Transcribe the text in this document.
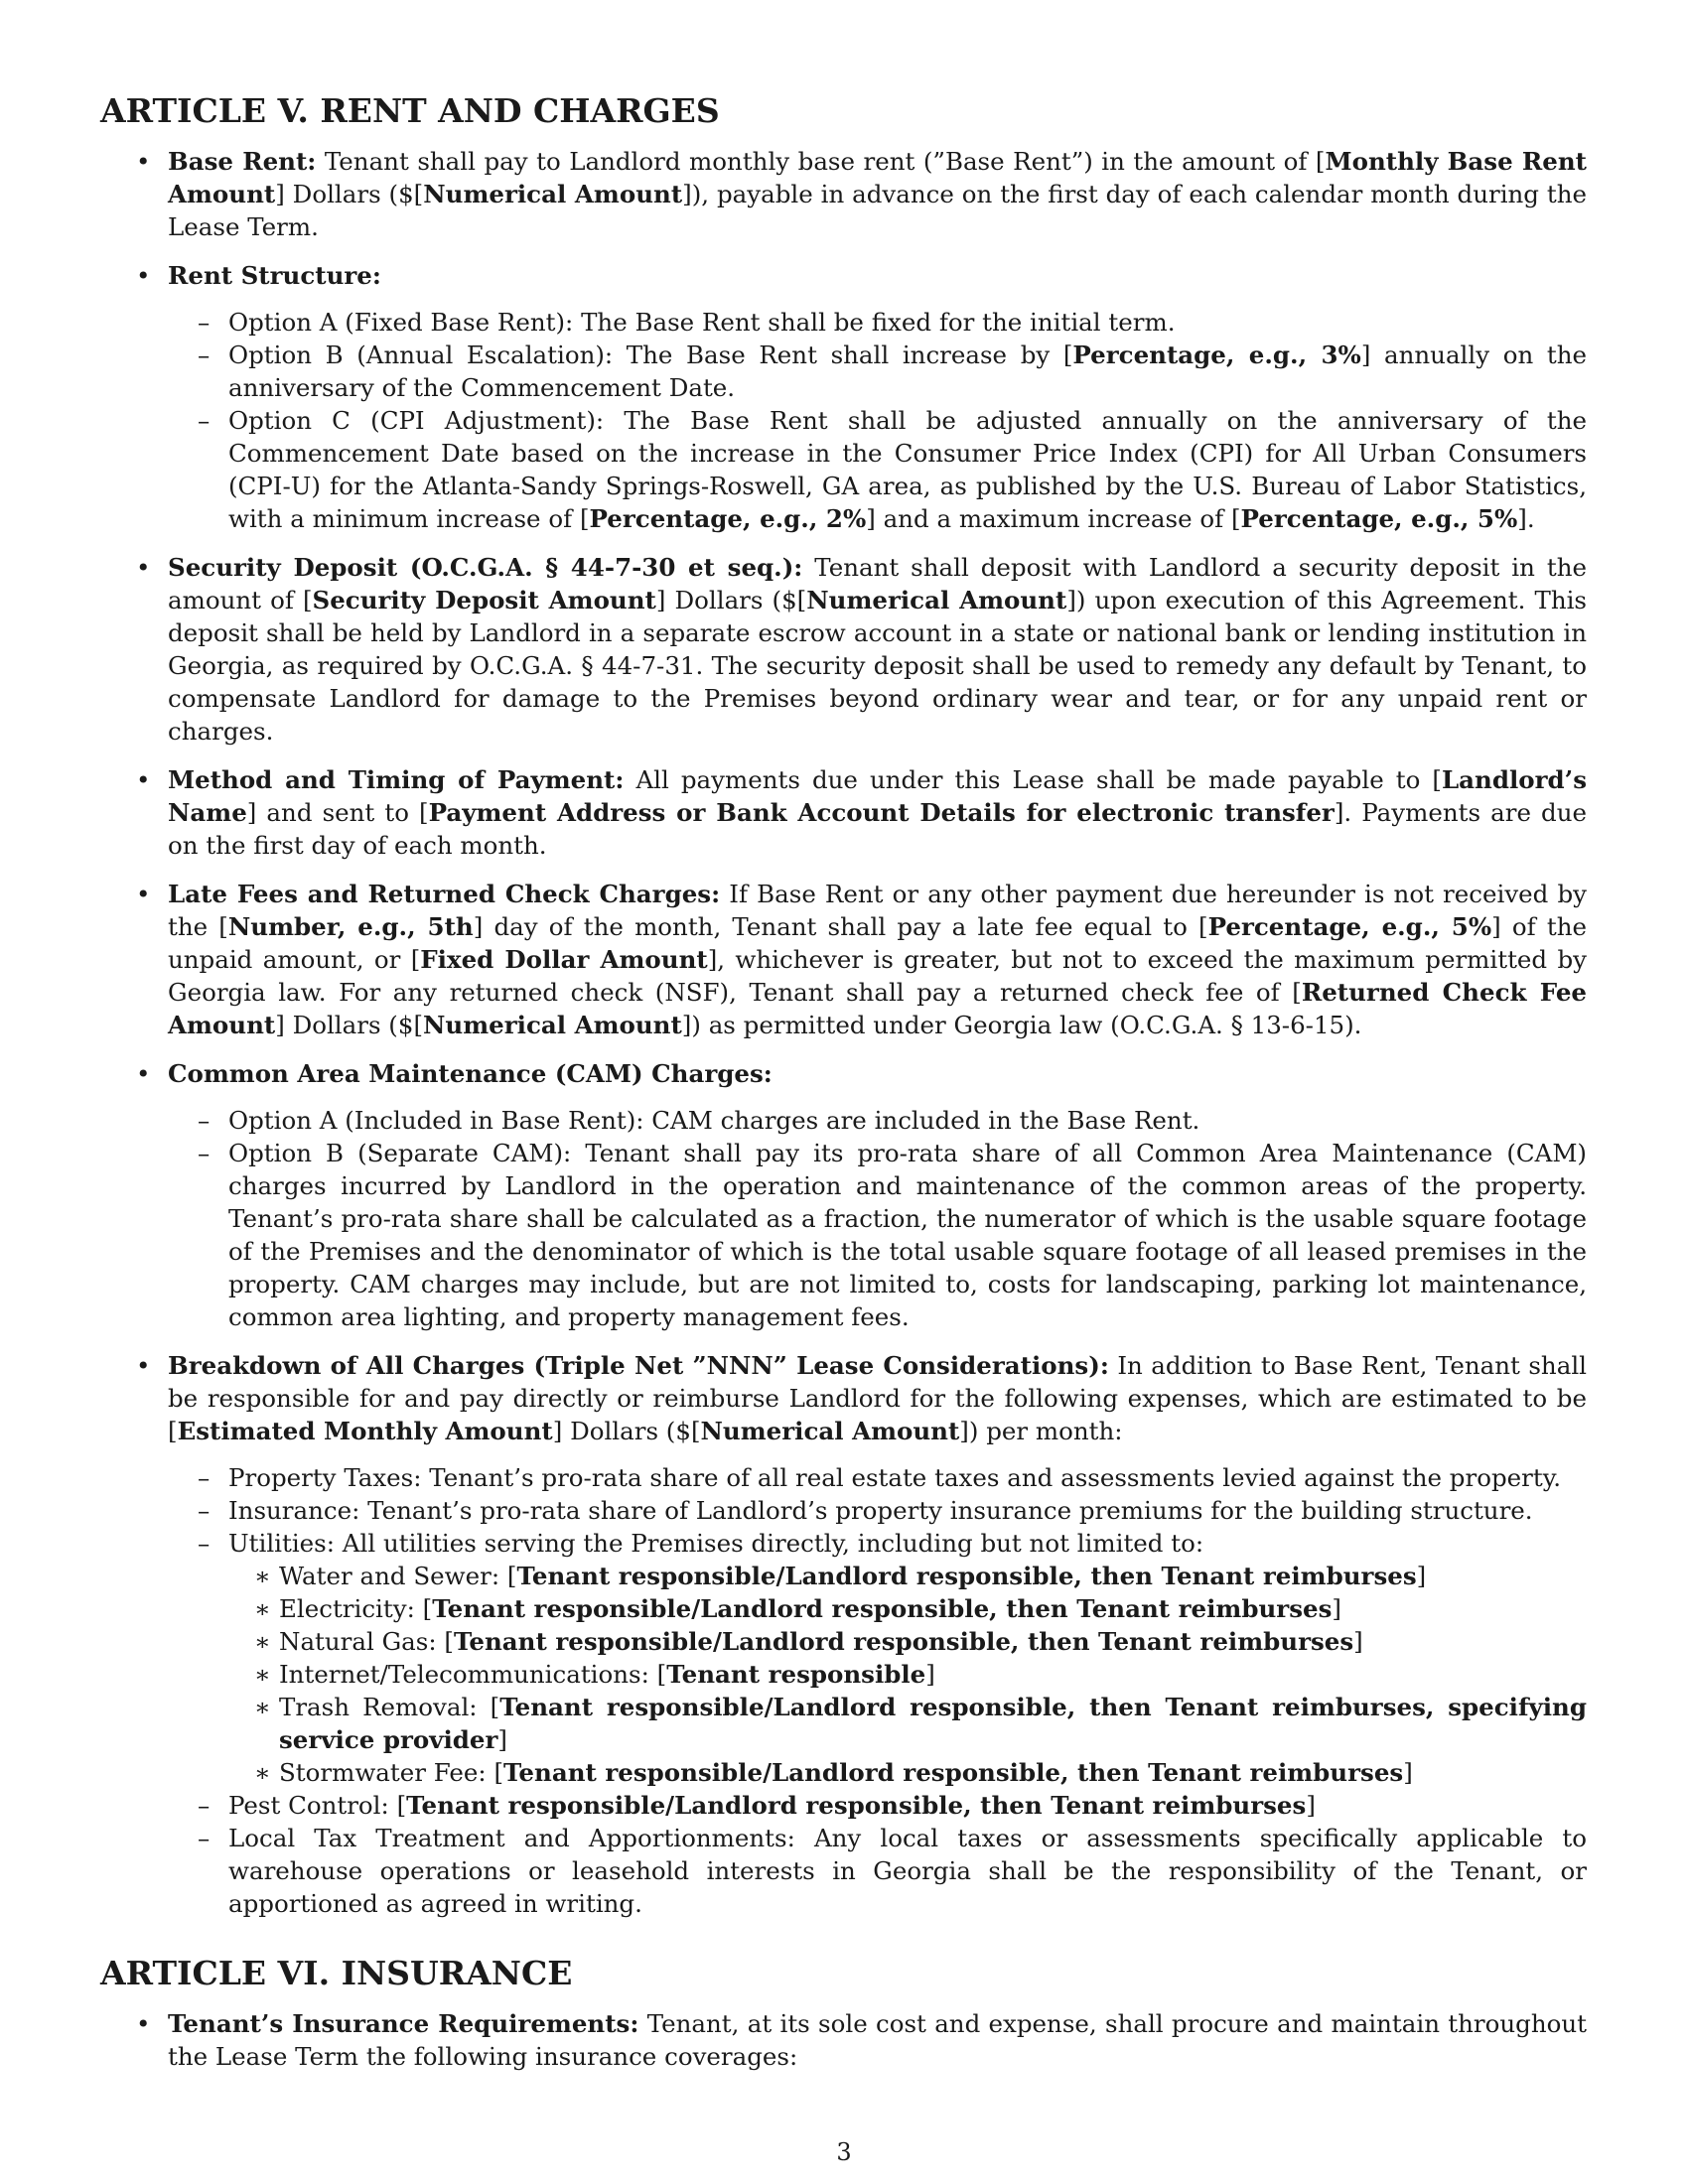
ARTICLE V. RENT AND CHARGES
• Base Rent: Tenant shall pay to Landlord monthly base rent (”Base Rent”) in the amount of [Monthly Base Rent Amount] Dollars ($[Numerical Amount]), payable in advance on the first day of each calendar month during the Lease Term.
• Rent Structure:
– Option A (Fixed Base Rent): The Base Rent shall be fixed for the initial term.
– Option B (Annual Escalation): The Base Rent shall increase by [Percentage, e.g., 3%] annually on the anniversary of the Commencement Date.
– Option C (CPI Adjustment): The Base Rent shall be adjusted annually on the anniversary of the Commencement Date based on the increase in the Consumer Price Index (CPI) for All Urban Consumers (CPI-U) for the Atlanta-Sandy Springs-Roswell, GA area, as published by the U.S. Bureau of Labor Statistics, with a minimum increase of [Percentage, e.g., 2%] and a maximum increase of [Percentage, e.g., 5%].
• Security Deposit (O.C.G.A. § 44-7-30 et seq.): Tenant shall deposit with Landlord a security deposit in the amount of [Security Deposit Amount] Dollars ($[Numerical Amount]) upon execution of this Agreement. This deposit shall be held by Landlord in a separate escrow account in a state or national bank or lending institution in Georgia, as required by O.C.G.A. § 44-7-31. The security deposit shall be used to remedy any default by Tenant, to compensate Landlord for damage to the Premises beyond ordinary wear and tear, or for any unpaid rent or charges.
• Method and Timing of Payment: All payments due under this Lease shall be made payable to [Landlord’s Name] and sent to [Payment Address or Bank Account Details for electronic transfer]. Payments are due on the first day of each month.
• Late Fees and Returned Check Charges: If Base Rent or any other payment due hereunder is not received by the [Number, e.g., 5th] day of the month, Tenant shall pay a late fee equal to [Percentage, e.g., 5%] of the unpaid amount, or [Fixed Dollar Amount], whichever is greater, but not to exceed the maximum permitted by Georgia law. For any returned check (NSF), Tenant shall pay a returned check fee of [Returned Check Fee Amount] Dollars ($[Numerical Amount]) as permitted under Georgia law (O.C.G.A. § 13-6-15).
• Common Area Maintenance (CAM) Charges:
– Option A (Included in Base Rent): CAM charges are included in the Base Rent.
– Option B (Separate CAM): Tenant shall pay its pro-rata share of all Common Area Maintenance (CAM) charges incurred by Landlord in the operation and maintenance of the common areas of the property. Tenant’s pro-rata share shall be calculated as a fraction, the numerator of which is the usable square footage of the Premises and the denominator of which is the total usable square footage of all leased premises in the property. CAM charges may include, but are not limited to, costs for landscaping, parking lot maintenance, common area lighting, and property management fees.
• Breakdown of All Charges (Triple Net ”NNN” Lease Considerations): In addition to Base Rent, Tenant shall be responsible for and pay directly or reimburse Landlord for the following expenses, which are estimated to be [Estimated Monthly Amount] Dollars ($[Numerical Amount]) per month:
– Property Taxes: Tenant’s pro-rata share of all real estate taxes and assessments levied against the property.
– Insurance: Tenant’s pro-rata share of Landlord’s property insurance premiums for the building structure.
– Utilities: All utilities serving the Premises directly, including but not limited to:
∗ Water and Sewer: [Tenant responsible/Landlord responsible, then Tenant reimburses]
∗ Electricity: [Tenant responsible/Landlord responsible, then Tenant reimburses]
∗ Natural Gas: [Tenant responsible/Landlord responsible, then Tenant reimburses]
∗ Internet/Telecommunications: [Tenant responsible]
∗ Trash Removal: [Tenant responsible/Landlord responsible, then Tenant reimburses, specifying service provider]
∗ Stormwater Fee: [Tenant responsible/Landlord responsible, then Tenant reimburses]
– Pest Control: [Tenant responsible/Landlord responsible, then Tenant reimburses]
– Local Tax Treatment and Apportionments: Any local taxes or assessments specifically applicable to warehouse operations or leasehold interests in Georgia shall be the responsibility of the Tenant, or apportioned as agreed in writing.
ARTICLE VI. INSURANCE
• Tenant’s Insurance Requirements: Tenant, at its sole cost and expense, shall procure and maintain throughout the Lease Term the following insurance coverages:
3
